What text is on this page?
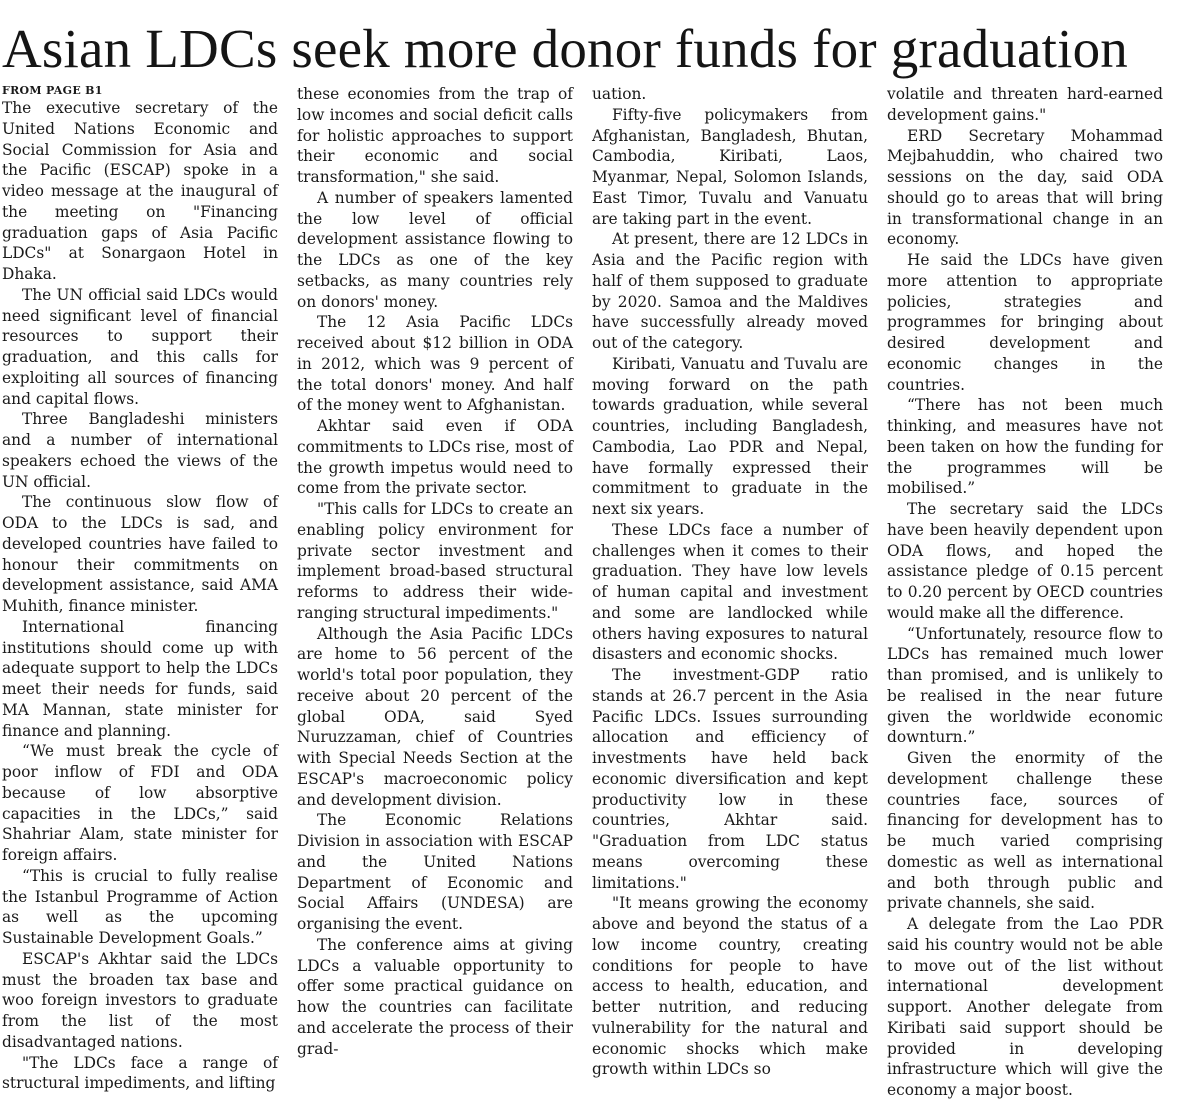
Asian LDCs seek more donor funds for graduation
FROM PAGE B1

The executive secretary of the United Nations Economic and Social Commission for Asia and the Pacific (ESCAP) spoke in a video message at the inaugural of the meeting on "Financing graduation gaps of Asia Pacific LDCs" at Sonargaon Hotel in Dhaka.

The UN official said LDCs would need significant level of financial resources to support their graduation, and this calls for exploiting all sources of financing and capital flows.

Three Bangladeshi ministers and a number of international speakers echoed the views of the UN official.

The continuous slow flow of ODA to the LDCs is sad, and developed countries have failed to honour their commitments on development assistance, said AMA Muhith, finance minister.

International financing institutions should come up with adequate support to help the LDCs meet their needs for funds, said MA Mannan, state minister for finance and planning.

“We must break the cycle of poor inflow of FDI and ODA because of low absorptive capacities in the LDCs,” said Shahriar Alam, state minister for foreign affairs.

“This is crucial to fully realise the Istanbul Programme of Action as well as the upcoming Sustainable Development Goals.”

ESCAP's Akhtar said the LDCs must the broaden tax base and woo foreign investors to graduate from the list of the most disadvantaged nations.

"The LDCs face a range of structural impediments, and lifting

these economies from the trap of low incomes and social deficit calls for holistic approaches to support their economic and social transformation," she said.

A number of speakers lamented the low level of official development assistance flowing to the LDCs as one of the key setbacks, as many countries rely on donors' money.

The 12 Asia Pacific LDCs received about $12 billion in ODA in 2012, which was 9 percent of the total donors' money. And half of the money went to Afghanistan.

Akhtar said even if ODA commitments to LDCs rise, most of the growth impetus would need to come from the private sector.

"This calls for LDCs to create an enabling policy environment for private sector investment and implement broad-based structural reforms to address their wide-ranging structural impediments."

Although the Asia Pacific LDCs are home to 56 percent of the world's total poor population, they receive about 20 percent of the global ODA, said Syed Nuruzzaman, chief of Countries with Special Needs Section at the ESCAP's macroeconomic policy and development division.

The Economic Relations Division in association with ESCAP and the United Nations Department of Economic and Social Affairs (UNDESA) are organising the event.

The conference aims at giving LDCs a valuable opportunity to offer some practical guidance on how the countries can facilitate and accelerate the process of their grad-

uation.

Fifty-five policymakers from Afghanistan, Bangladesh, Bhutan, Cambodia, Kiribati, Laos, Myanmar, Nepal, Solomon Islands, East Timor, Tuvalu and Vanuatu are taking part in the event.

At present, there are 12 LDCs in Asia and the Pacific region with half of them supposed to graduate by 2020. Samoa and the Maldives have successfully already moved out of the category.

Kiribati, Vanuatu and Tuvalu are moving forward on the path towards graduation, while several countries, including Bangladesh, Cambodia, Lao PDR and Nepal, have formally expressed their commitment to graduate in the next six years.

These LDCs face a number of challenges when it comes to their graduation. They have low levels of human capital and investment and some are landlocked while others having exposures to natural disasters and economic shocks.

The investment-GDP ratio stands at 26.7 percent in the Asia Pacific LDCs. Issues surrounding allocation and efficiency of investments have held back economic diversification and kept productivity low in these countries, Akhtar said. "Graduation from LDC status means overcoming these limitations."

"It means growing the economy above and beyond the status of a low income country, creating conditions for people to have access to health, education, and better nutrition, and reducing vulnerability for the natural and economic shocks which make growth within LDCs so

volatile and threaten hard-earned development gains."

ERD Secretary Mohammad Mejbahuddin, who chaired two sessions on the day, said ODA should go to areas that will bring in transformational change in an economy.

He said the LDCs have given more attention to appropriate policies, strategies and programmes for bringing about desired development and economic changes in the countries.

“There has not been much thinking, and measures have not been taken on how the funding for the programmes will be mobilised.”

The secretary said the LDCs have been heavily dependent upon ODA flows, and hoped the assistance pledge of 0.15 percent to 0.20 percent by OECD countries would make all the difference.

“Unfortunately, resource flow to LDCs has remained much lower than promised, and is unlikely to be realised in the near future given the worldwide economic downturn.”

Given the enormity of the development challenge these countries face, sources of financing for development has to be much varied comprising domestic as well as international and both through public and private channels, she said.

A delegate from the Lao PDR said his country would not be able to move out of the list without international development support. Another delegate from Kiribati said support should be provided in developing infrastructure which will give the economy a major boost.
